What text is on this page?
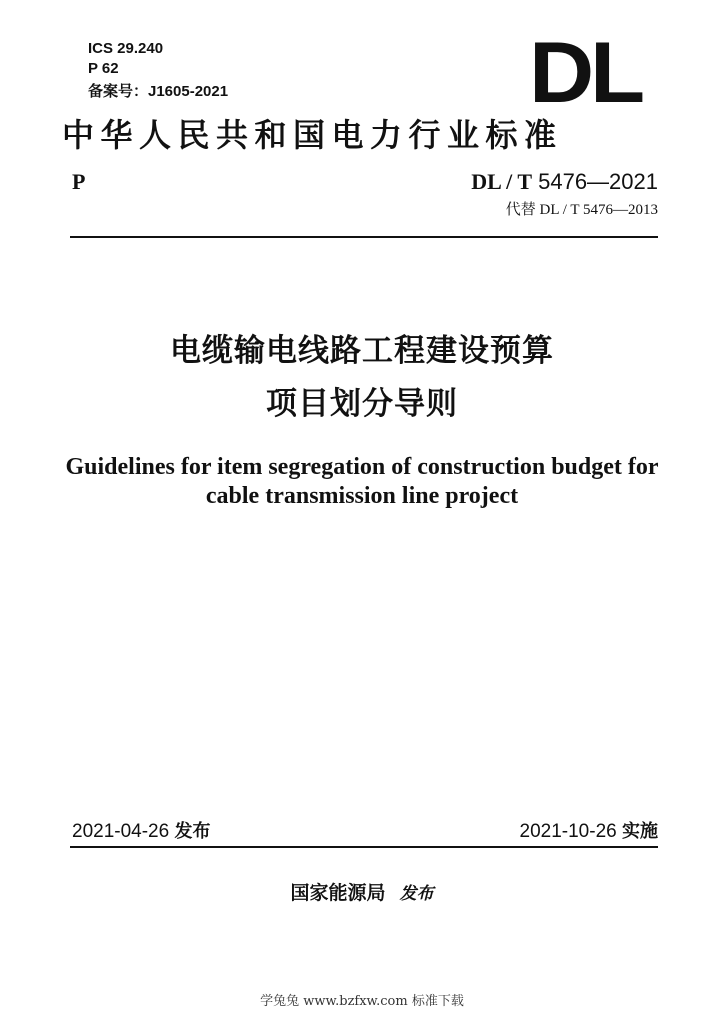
ICS 29.240
P 62
备案号：J1605-2021	DL
中华人民共和国电力行业标准
P	DL / T 5476—2021
代替 DL / T 5476—2013
电缆输电线路工程建设预算
项目划分导则
Guidelines for item segregation of construction budget for
cable transmission line project
2021-04-26 发布	2021-10-26 实施
国家能源局 发布
学兔兔 www.bzfxw.com 标准下载
